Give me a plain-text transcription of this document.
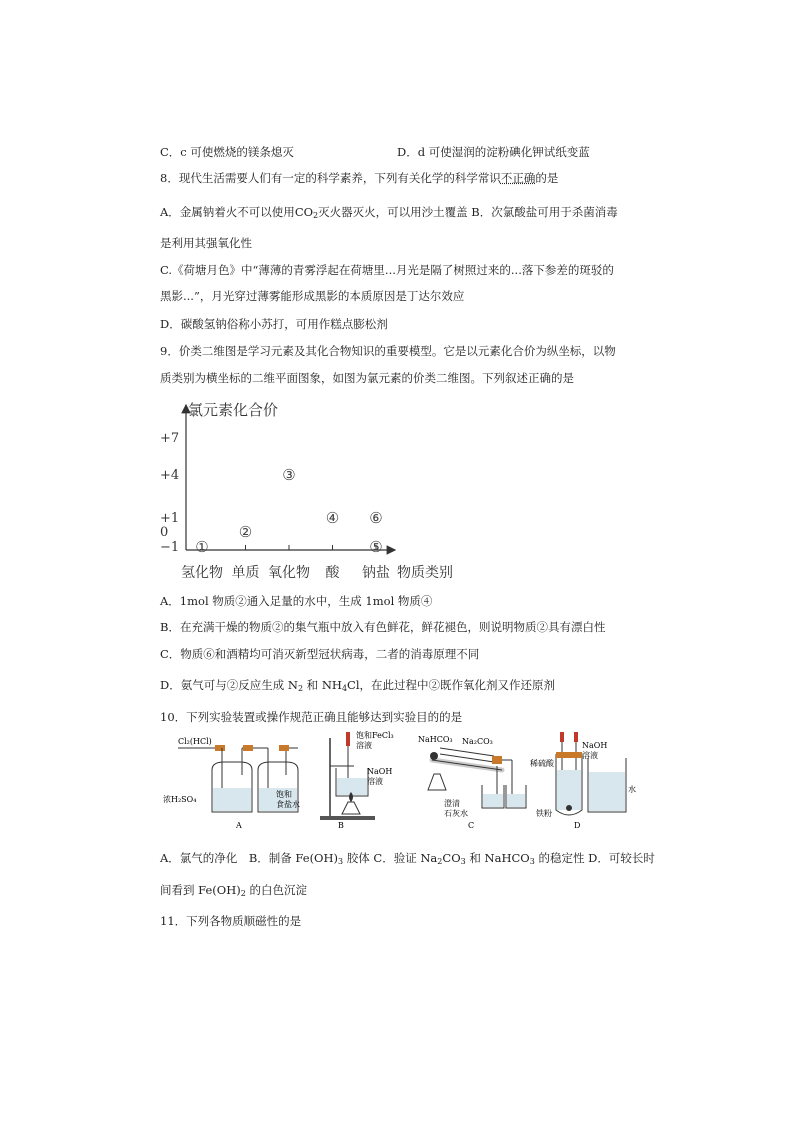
C．c 可使燃烧的镁条熄灭	D．d 可使湿润的淀粉碘化钾试纸变蓝
8．现代生活需要人们有一定的科学素养，下列有关化学的科学常识不正确的是
A．金属钠着火不可以使用$CO_2$灭火器灭火，可以用沙土覆盖 B．次氯酸盐可用于杀菌消毒
是利用其强氧化性
C.《荷塘月色》中“薄薄的青雾浮起在荷塘里...月光是隔了树照过来的...落下参差的斑驳的
黑影...”，月光穿过薄雾能形成黑影的本质原因是丁达尔效应
D．碳酸氢钠俗称小苏打，可用作糕点膨松剂
9．价类二维图是学习元素及其化合物知识的重要模型。它是以元素化合价为纵坐标，以物
质类别为横坐标的二维平面图象，如图为氯元素的价类二维图。下列叙述正确的是
氯元素化合价
物质类别
+7
+4
+1
0
−1
氢化物 单质 氧化物 酸 钠盐
①
②
③
④
⑤
⑥
A．1mol 物质②通入足量的水中，生成 1mol 物质④
B．在充满干燥的物质②的集气瓶中放入有色鲜花，鲜花褪色，则说明物质②具有漂白性
C．物质⑥和酒精均可消灭新型冠状病毒，二者的消毒原理不同
D．氨气可与②反应生成 $N_2$ 和 $NH_4Cl$，在此过程中②既作氧化剂又作还原剂
10．下列实验装置或操作规范正确且能够达到实验目的的是
Cl₂(HCl)
浓H₂SO₄
饱和
食盐水
A
饱和FeCl₃
溶液
NaOH
溶液
B
NaHCO₃ Na₂CO₃
澄清
石灰水
C
稀硫酸
NaOH
溶液
水
铁粉
D
A．氯气的净化　 B．制备 $Fe(OH)_3$ 胶体 C．验证 $Na_2CO_3$ 和 NaHCO$_3$ 的稳定性 D．可较长时
间看到 $Fe(OH)_2$ 的白色沉淀
11．下列各物质顺磁性的是
